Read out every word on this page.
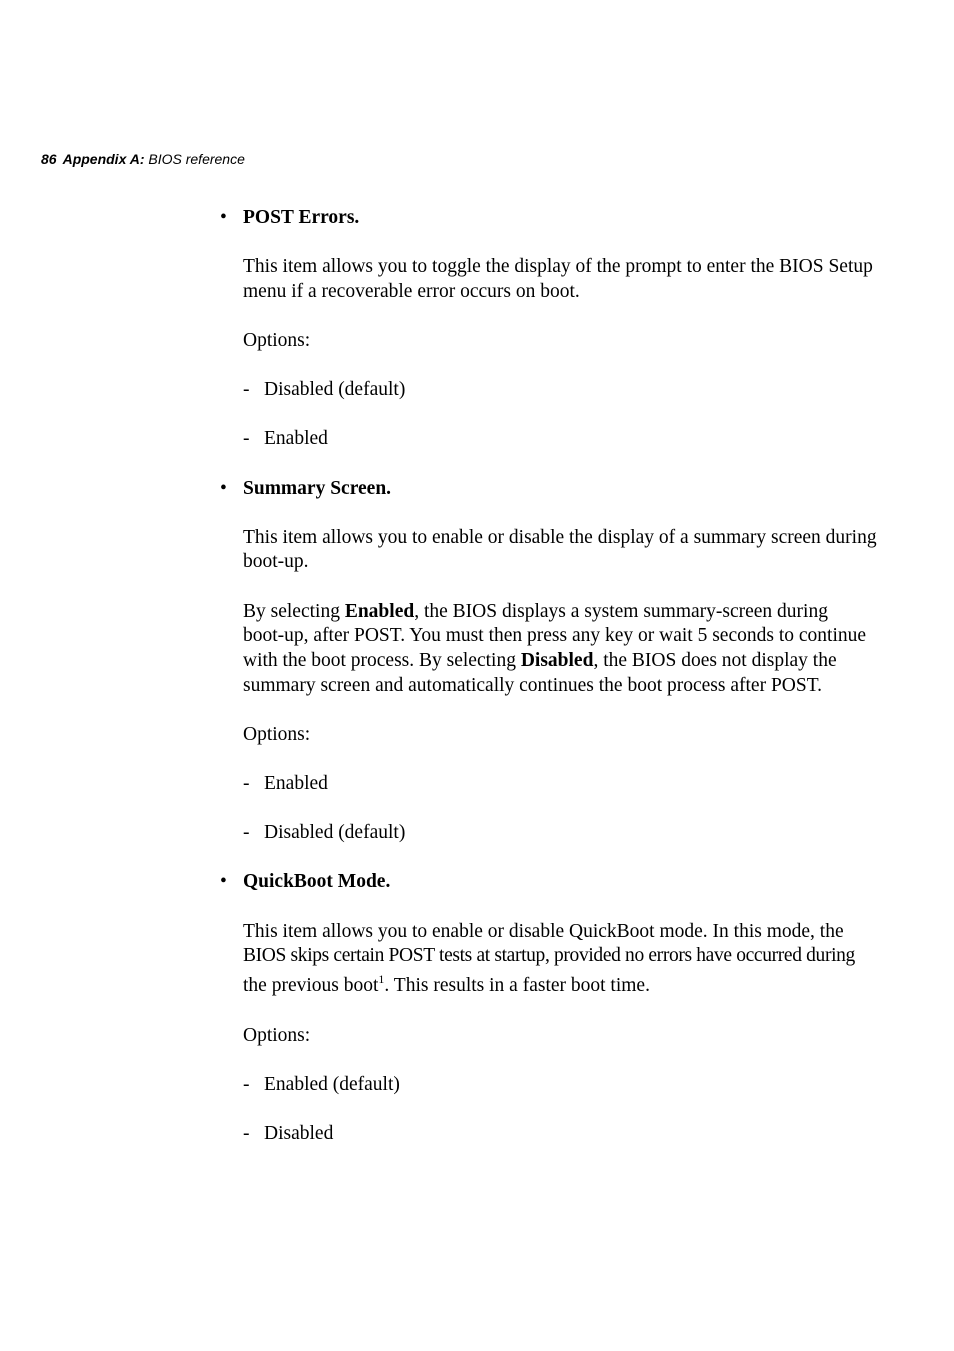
86 Appendix A: BIOS reference
• POST Errors.
This item allows you to toggle the display of the prompt to enter the BIOS Setup
menu if a recoverable error occurs on boot.
Options:
- Disabled (default)
- Enabled
• Summary Screen.
This item allows you to enable or disable the display of a summary screen during
boot-up.
By selecting Enabled, the BIOS displays a system summary-screen during
boot-up, after POST. You must then press any key or wait 5 seconds to continue
with the boot process. By selecting Disabled, the BIOS does not display the
summary screen and automatically continues the boot process after POST.
Options:
- Enabled
- Disabled (default)
• QuickBoot Mode.
This item allows you to enable or disable QuickBoot mode. In this mode, the
BIOS skips certain POST tests at startup, provided no errors have occurred during
the previous boot$^1$. This results in a faster boot time.
Options:
- Enabled (default)
- Disabled
